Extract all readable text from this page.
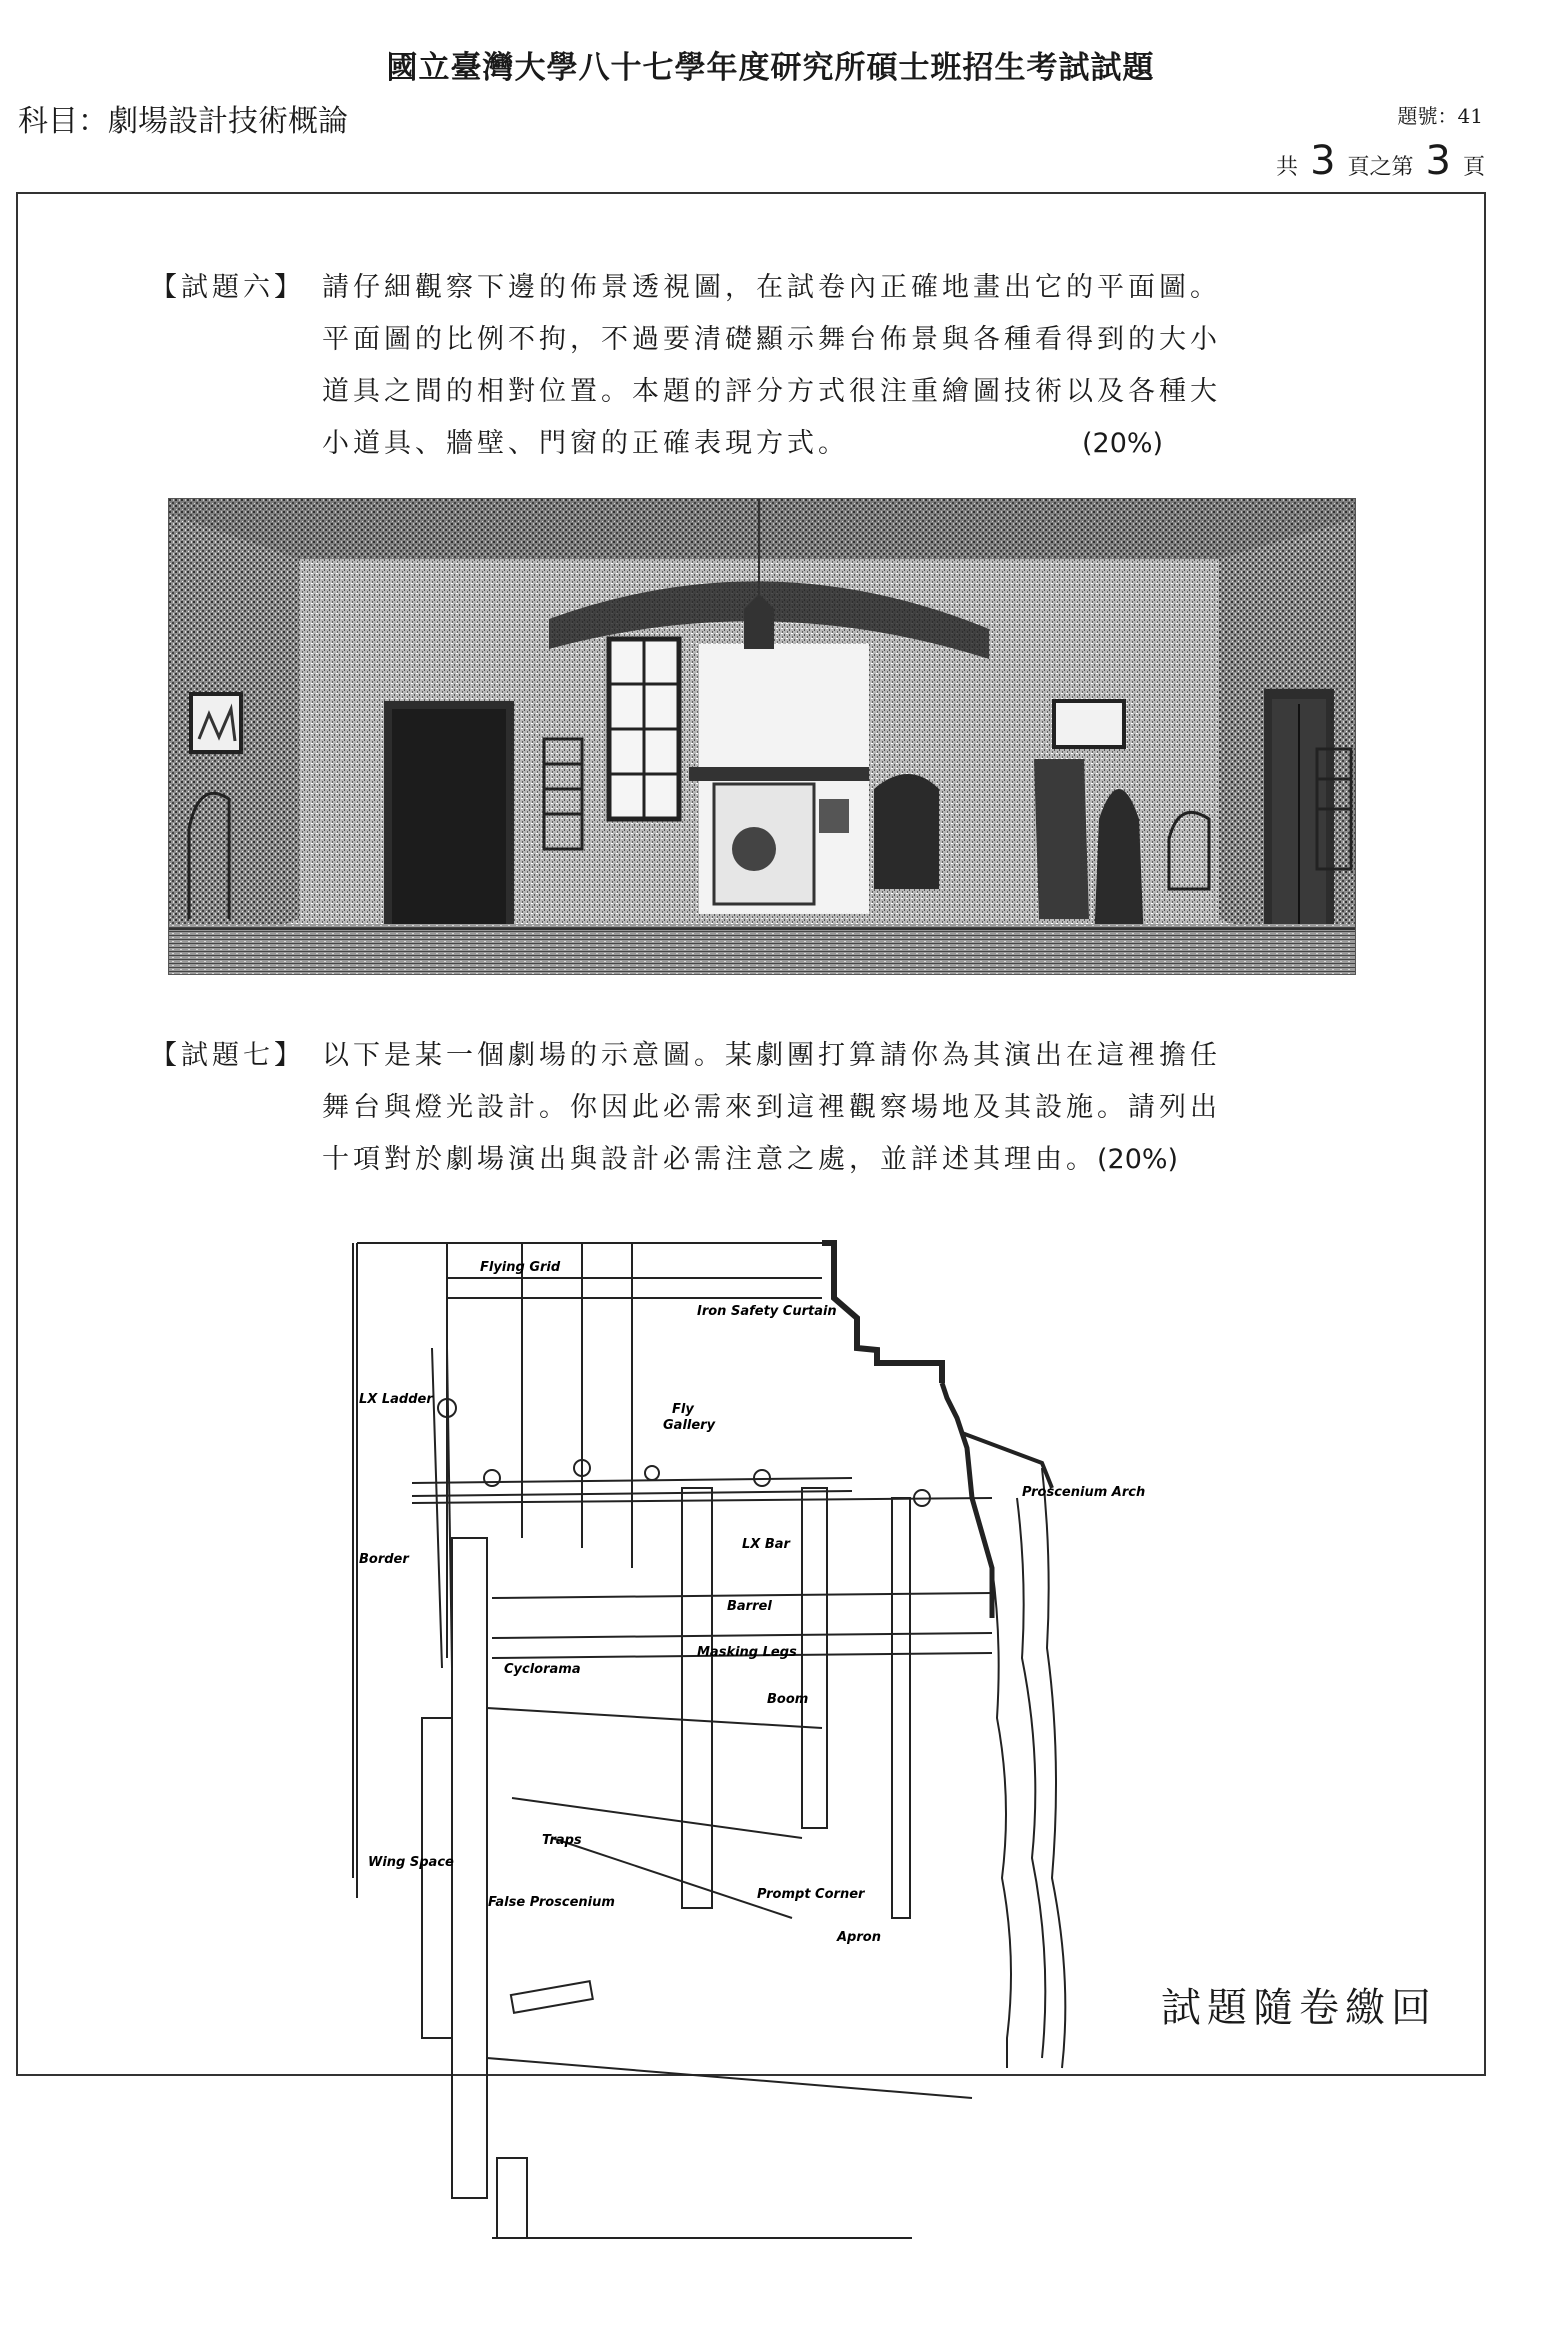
國立臺灣大學八十七學年度研究所碩士班招生考試試題
科目：劇場設計技術概論	題號：41
共 3 頁之第 3 頁
【試題六】 請仔細觀察下邊的佈景透視圖，在試卷內正確地畫出它的平面圖。
平面圖的比例不拘，不過要清礎顯示舞台佈景與各種看得到的大小
道具之間的相對位置。本題的評分方式很注重繪圖技術以及各種大
小道具、牆壁、門窗的正確表現方式。	(20%)
【試題七】 以下是某一個劇場的示意圖。某劇團打算請你為其演出在這裡擔任
舞台與燈光設計。你因此必需來到這裡觀察場地及其設施。請列出
十項對於劇場演出與設計必需注意之處，並詳述其理由。(20%)
Flying Grid
Iron Safety Curtain
LX Ladder
Fly
Gallery
Proscenium Arch
Border
LX Bar
Barrel
Masking Legs
Cyclorama
Boom
Traps
Wing Space
Prompt Corner
False Proscenium
Apron
試題隨卷繳回
